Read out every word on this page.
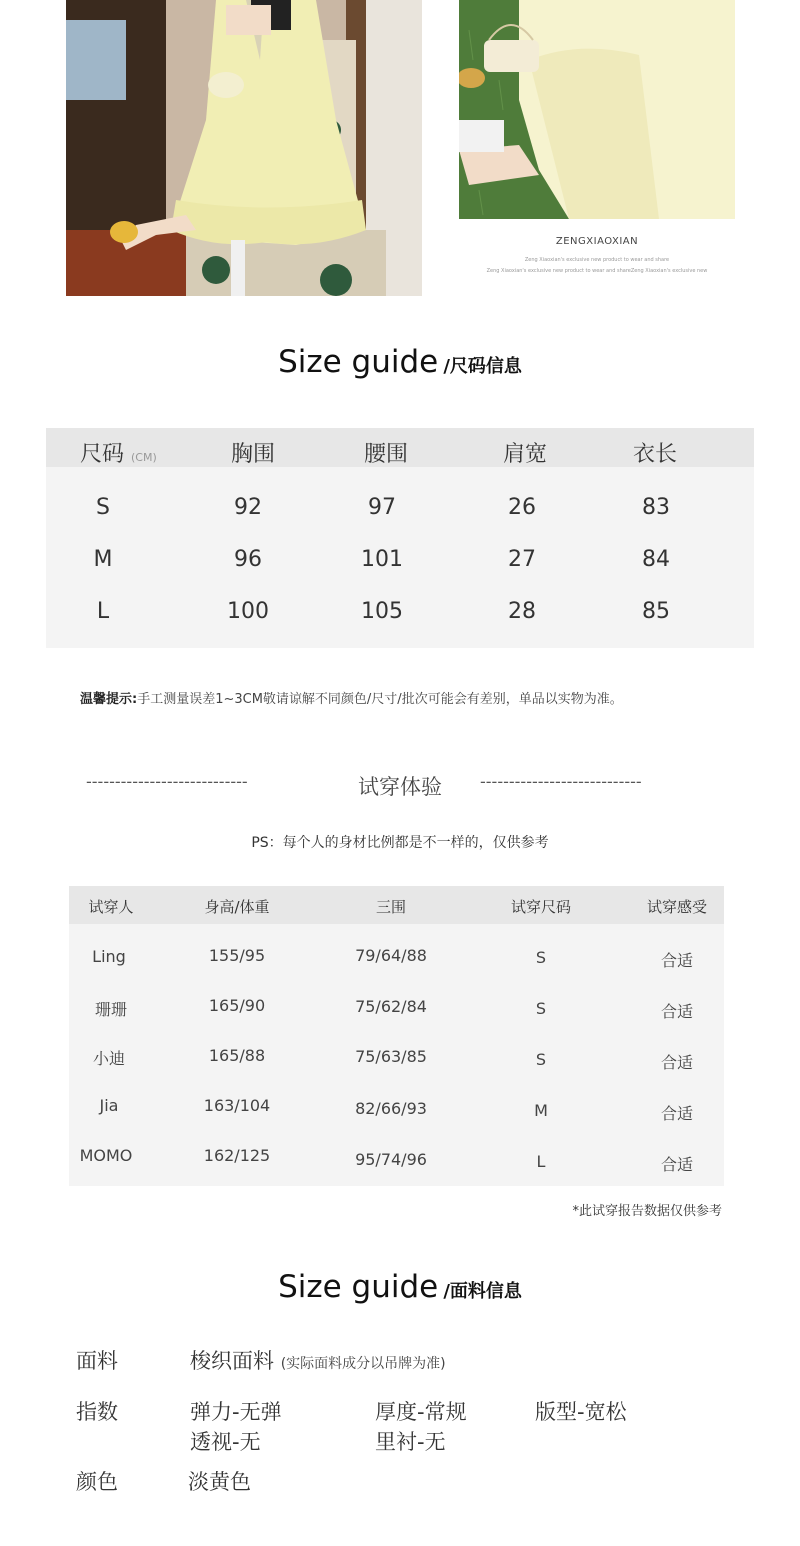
ZENGXIAOXIAN
Zeng Xiaoxian's exclusive new product to wear and share
Zeng Xiaoxian's exclusive new product to wear and shareZeng Xiaoxian's exclusive new
Size guide /尺码信息
尺码 (CM)	胸围	腰围	肩宽	衣长
S	92	97	26	83
M	96	101	27	84
L	100	105	28	85
温馨提示:手工测量误差1~3CM敬请谅解不同颜色/尺寸/批次可能会有差别，单品以实物为准。
----------------------------	试穿体验	----------------------------
PS：每个人的身材比例都是不一样的，仅供参考
试穿人	身高/体重	三围	试穿尺码	试穿感受
Ling	155/95	79/64/88	S	合适
珊珊	165/90	75/62/84	S	合适
小迪	165/88	75/63/85	S	合适
Jia	163/104	82/66/93	M	合适
MOMO	162/125	95/74/96	L	合适
*此试穿报告数据仅供参考
Size guide /面料信息
面料	梭织面料 (实际面料成分以吊牌为准)
指数	弹力-无弹	厚度-常规	版型-宽松
透视-无	里衬-无
颜色	淡黄色
